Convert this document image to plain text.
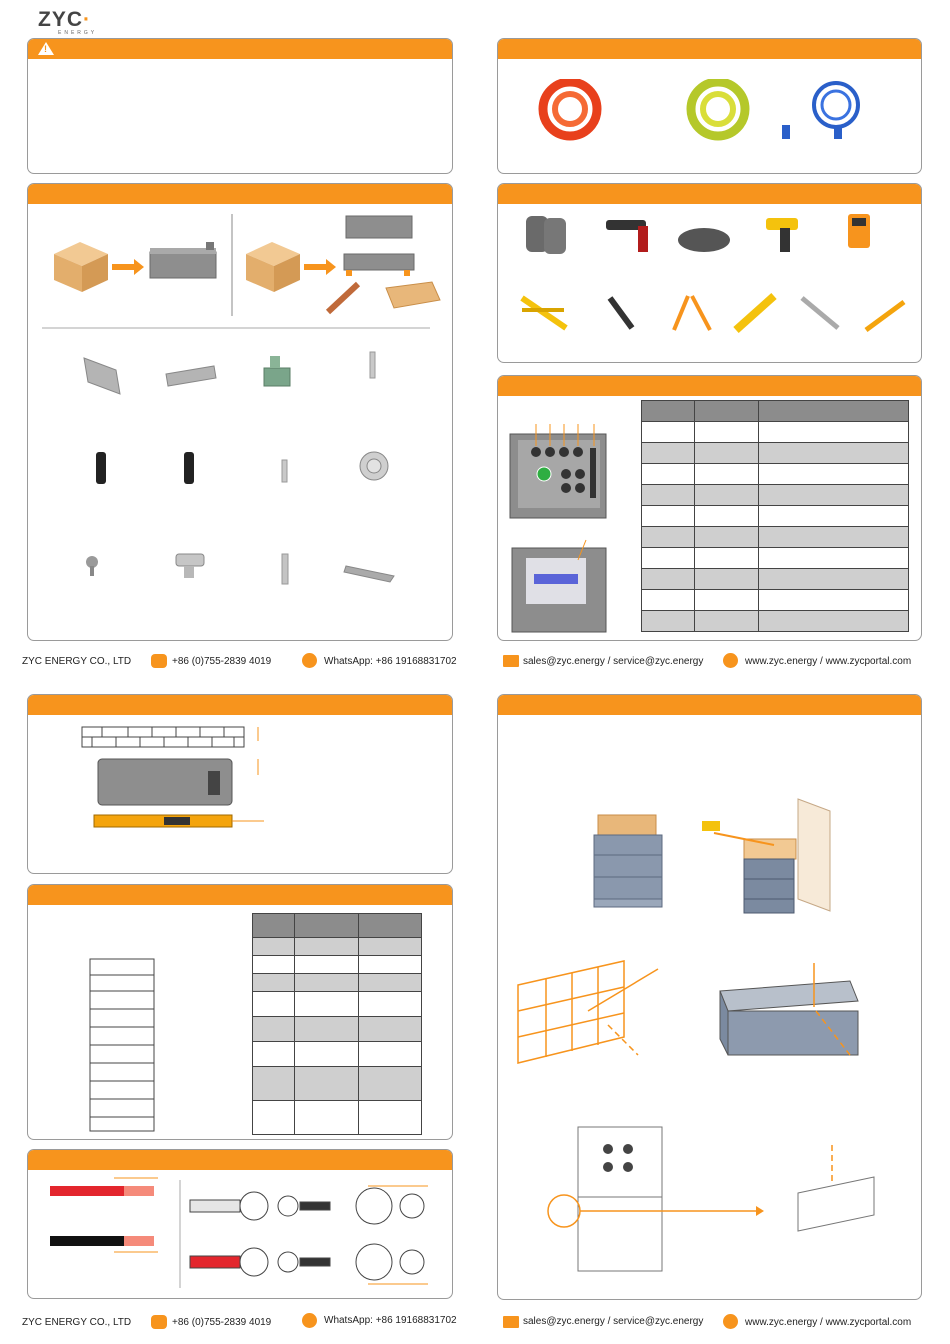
ZYC·
ENERGY
!

ZYC ENERGY CO., LTD	+86 (0)755-2839 4019	WhatsApp: +86 19168831702	sales@zyc.energy / service@zyc.energy	www.zyc.energy / www.zycportal.com

ZYC ENERGY CO., LTD	+86 (0)755-2839 4019	WhatsApp: +86 19168831702	sales@zyc.energy / service@zyc.energy	www.zyc.energy / www.zycportal.com
